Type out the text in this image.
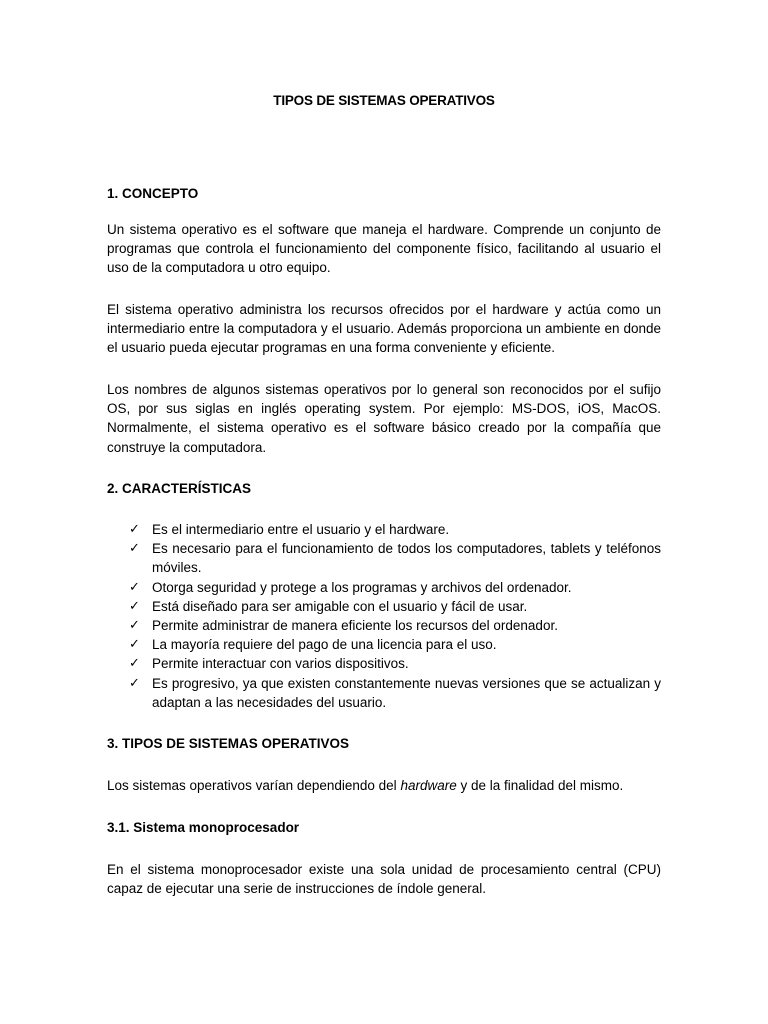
TIPOS DE SISTEMAS OPERATIVOS
1. CONCEPTO

Un sistema operativo es el software que maneja el hardware. Comprende un conjunto de programas que controla el funcionamiento del componente físico, facilitando al usuario el uso de la computadora u otro equipo.

El sistema operativo administra los recursos ofrecidos por el hardware y actúa como un intermediario entre la computadora y el usuario. Además proporciona un ambiente en donde el usuario pueda ejecutar programas en una forma conveniente y eficiente.

Los nombres de algunos sistemas operativos por lo general son reconocidos por el sufijo OS, por sus siglas en inglés operating system. Por ejemplo: MS-DOS, iOS, MacOS. Normalmente, el sistema operativo es el software básico creado por la compañía que construye la computadora.

2. CARACTERÍSTICAS
✓ Es el intermediario entre el usuario y el hardware.
✓ Es necesario para el funcionamiento de todos los computadores, tablets y teléfonos móviles.
✓ Otorga seguridad y protege a los programas y archivos del ordenador.
✓ Está diseñado para ser amigable con el usuario y fácil de usar.
✓ Permite administrar de manera eficiente los recursos del ordenador.
✓ La mayoría requiere del pago de una licencia para el uso.
✓ Permite interactuar con varios dispositivos.
✓ Es progresivo, ya que existen constantemente nuevas versiones que se actualizan y adaptan a las necesidades del usuario.
3. TIPOS DE SISTEMAS OPERATIVOS

Los sistemas operativos varían dependiendo del hardware y de la finalidad del mismo.

3.1. Sistema monoprocesador

En el sistema monoprocesador existe una sola unidad de procesamiento central (CPU) capaz de ejecutar una serie de instrucciones de índole general.
